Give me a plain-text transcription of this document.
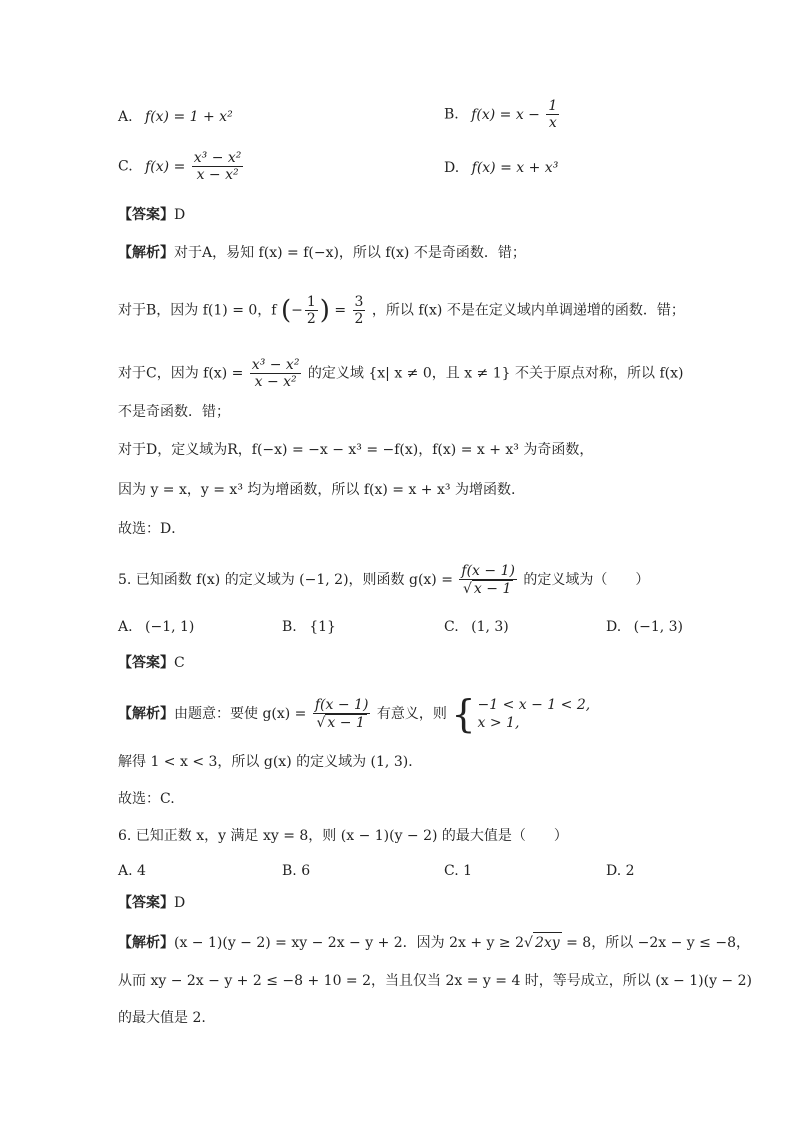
A. f(x) = 1 + x²	B. $f(x) = x - \frac{1}{x}$
C. $f(x) = \frac{\text{x³ − x²}}{\text{x − x²}}$	D. f(x) = x + x³
【答案】D
【解析】对于A，易知 f(x) = f(−x)，所以 f(x) 不是奇函数．错；
对于B，因为 f(1) = 0，f (− $\frac{1}{2}$ ) = $\frac{3}{2}$ ，所以 f(x) 不是在定义域内单调递增的函数．错；
对于C，因为 $f(x) = \frac{\text{x³ − x²}}{\text{x − x²}}$ 的定义域 {x| x ≠ 0，且 x ≠ 1} 不关于原点对称，所以 f(x)
不是奇函数．错；
对于D，定义域为R，f(−x) = −x − x³ = −f(x)，f(x) = x + x³ 为奇函数，
因为 y = x，y = x³ 均为增函数，所以 f(x) = x + x³ 为增函数.
故选：D．
5. 已知函数 f(x) 的定义域为 (−1, 2)，则函数 $g(x) = \frac{f(x - 1)}{√ x - 1}$ 的定义域为（　　）
A. (−1, 1)	B. {1}	C. (1, 3)	D. (−1, 3)
【答案】C
【解析】由题意：要使 $g(x) = \frac{f(x - 1)}{√ x - 1}$ 有意义，则 { −1 < x − 1 < 2,
x > 1,
解得 1 < x < 3，所以 g(x) 的定义域为 (1, 3)．
故选：C.
6. 已知正数 x，y 满足 xy = 8，则 (x − 1)(y − 2) 的最大值是（　　）
A. 4	B. 6	C. 1	D. 2
【答案】D
【解析】(x − 1)(y − 2) = xy − 2x − y + 2．因为 2x + y ≥ 2√ 2xy = 8，所以 −2x − y ≤ −8，
从而 xy − 2x − y + 2 ≤ −8 + 10 = 2，当且仅当 2x = y = 4 时，等号成立，所以 (x − 1)(y − 2)
的最大值是 2.
